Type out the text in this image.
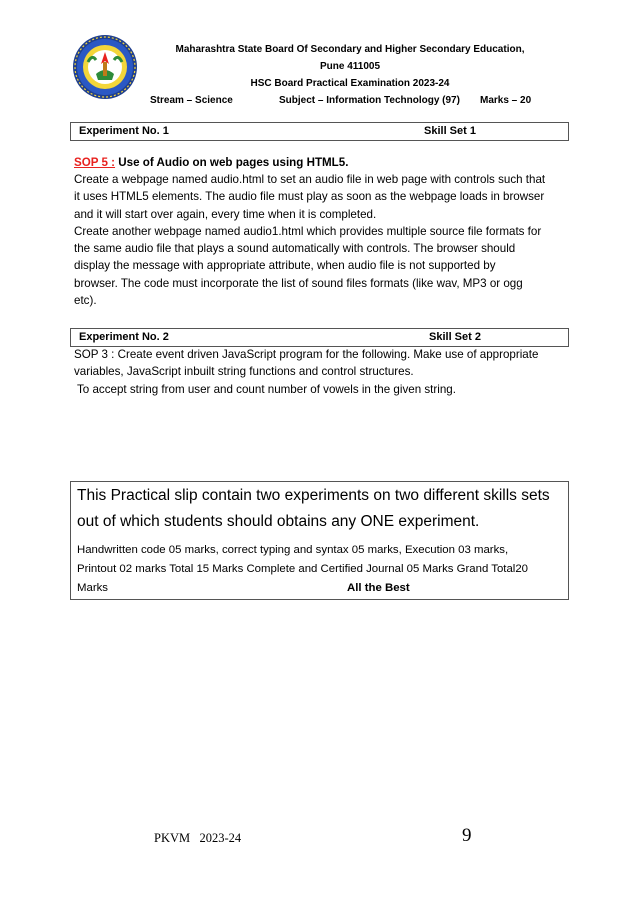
Maharashtra State Board Of Secondary and Higher Secondary Education,
Pune 411005
HSC Board Practical Examination 2023-24
Stream – Science	Subject – Information Technology (97) Marks – 20
Experiment No. 1	Skill Set 1
SOP 5 : Use of Audio on web pages using HTML5.
Create a webpage named audio.html to set an audio file in web page with controls such that
it uses HTML5 elements. The audio file must play as soon as the webpage loads in browser
and it will start over again, every time when it is completed.
Create another webpage named audio1.html which provides multiple source file formats for
the same audio file that plays a sound automatically with controls. The browser should
display the message with appropriate attribute, when audio file is not supported by
browser. The code must incorporate the list of sound files formats (like wav, MP3 or ogg
etc).
Experiment No. 2	Skill Set 2
SOP 3 : Create event driven JavaScript program for the following. Make use of appropriate
variables, JavaScript inbuilt string functions and control structures.
To accept string from user and count number of vowels in the given string.
This Practical slip contain two experiments on two different skills sets
out of which students should obtains any ONE experiment.
Handwritten code 05 marks, correct typing and syntax 05 marks, Execution 03 marks,
Printout 02 marks Total 15 Marks Complete and Certified Journal 05 Marks Grand Total20
Marks	All the Best
PKVM   2023-24	9
